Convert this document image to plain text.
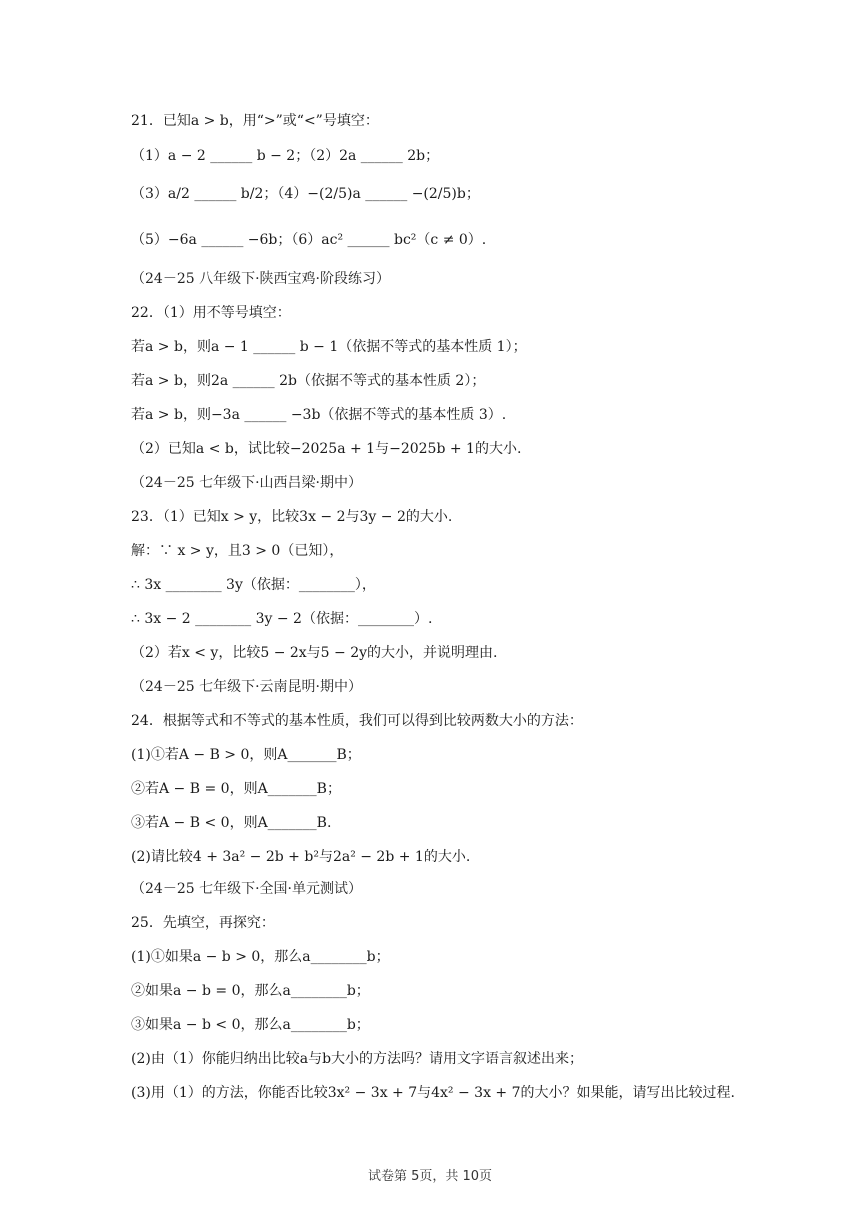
21．已知a > b，用“>”或“<”号填空：
（1）a − 2 ______ b − 2；（2）2a ______ 2b；
（3）a/2 ______ b/2；（4）−(2/5)a ______ −(2/5)b；
（5）−6a ______ −6b；（6）ac² ______ bc²（c ≠ 0）.
（24－25 八年级下·陕西宝鸡·阶段练习）
22．（1）用不等号填空：
若a > b，则a − 1 ______ b − 1（依据不等式的基本性质 1）；
若a > b，则2a ______ 2b（依据不等式的基本性质 2）；
若a > b，则−3a ______ −3b（依据不等式的基本性质 3）.
（2）已知a < b，试比较−2025a + 1与−2025b + 1的大小.
（24－25 七年级下·山西吕梁·期中）
23．（1）已知x > y，比较3x − 2与3y − 2的大小.
解：∵ x > y，且3 > 0（已知），
∴ 3x ________ 3y（依据：________），
∴ 3x − 2 ________ 3y − 2（依据：________）.
（2）若x < y，比较5 − 2x与5 − 2y的大小，并说明理由.
（24－25 七年级下·云南昆明·期中）
24．根据等式和不等式的基本性质，我们可以得到比较两数大小的方法：
(1)①若A − B > 0，则A_______B；
②若A − B = 0，则A_______B；
③若A − B < 0，则A_______B.
(2)请比较4 + 3a² − 2b + b²与2a² − 2b + 1的大小.
（24－25 七年级下·全国·单元测试）
25．先填空，再探究：
(1)①如果a − b > 0，那么a________b；
②如果a − b = 0，那么a________b；
③如果a − b < 0，那么a________b；
(2)由（1）你能归纳出比较a与b大小的方法吗？请用文字语言叙述出来；
(3)用（1）的方法，你能否比较3x² − 3x + 7与4x² − 3x + 7的大小？如果能，请写出比较过程.
试卷第 5页，共 10页
